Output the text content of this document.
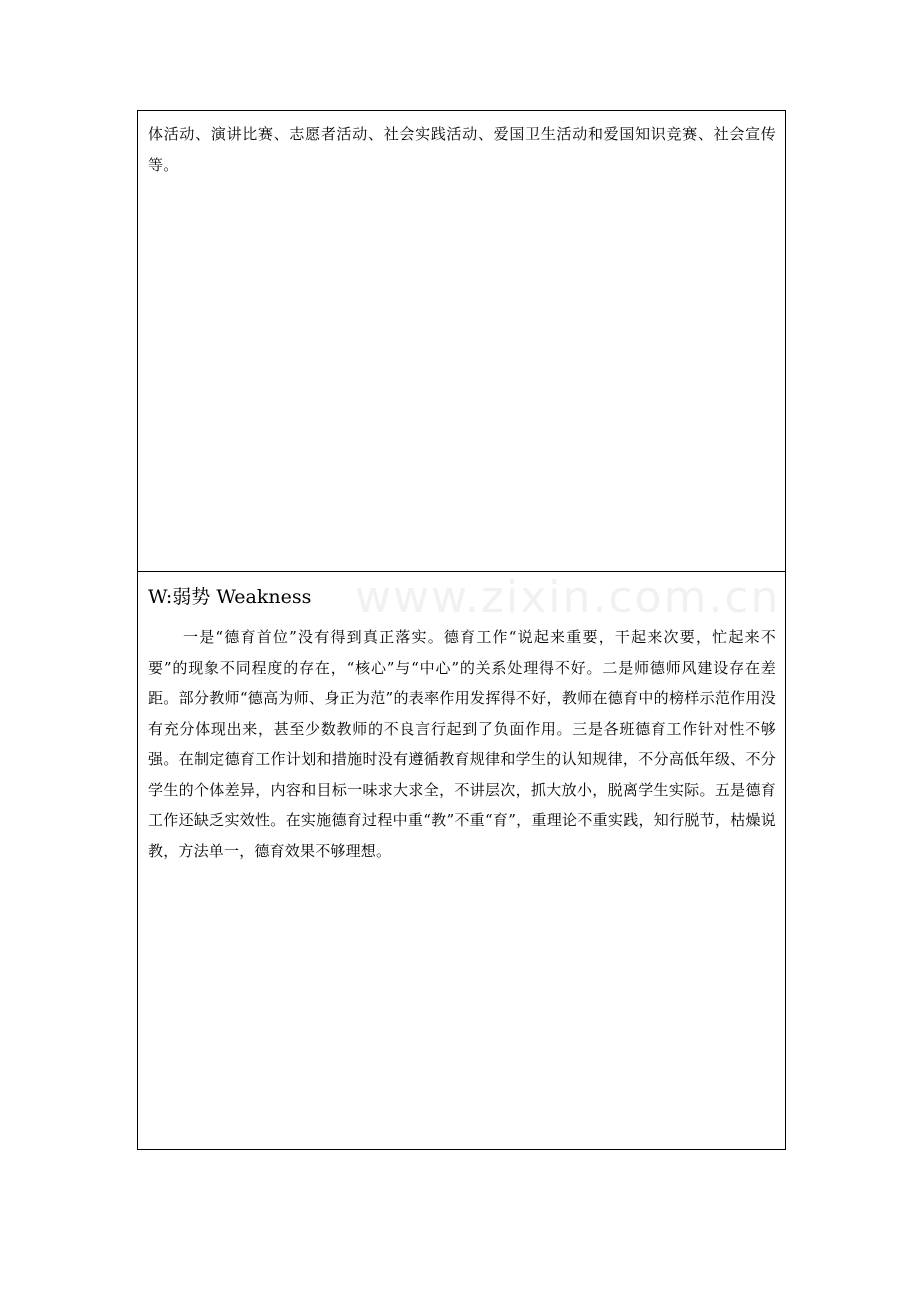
体活动、演讲比赛、志愿者活动、社会实践活动、爱国卫生活动和爱国知识竞赛、社会宣传等。

W:弱势 Weakness

一是“德育首位”没有得到真正落实。德育工作“说起来重要，干起来次要，忙起来不要”的现象不同程度的存在，“核心”与“中心”的关系处理得不好。二是师德师风建设存在差距。部分教师“德高为师、身正为范”的表率作用发挥得不好，教师在德育中的榜样示范作用没有充分体现出来，甚至少数教师的不良言行起到了负面作用。三是各班德育工作针对性不够强。在制定德育工作计划和措施时没有遵循教育规律和学生的认知规律，不分高低年级、不分学生的个体差异，内容和目标一味求大求全，不讲层次，抓大放小，脱离学生实际。五是德育工作还缺乏实效性。在实施德育过程中重“教”不重“育”，重理论不重实践，知行脱节，枯燥说教，方法单一，德育效果不够理想。

www.zixin.com.cn
